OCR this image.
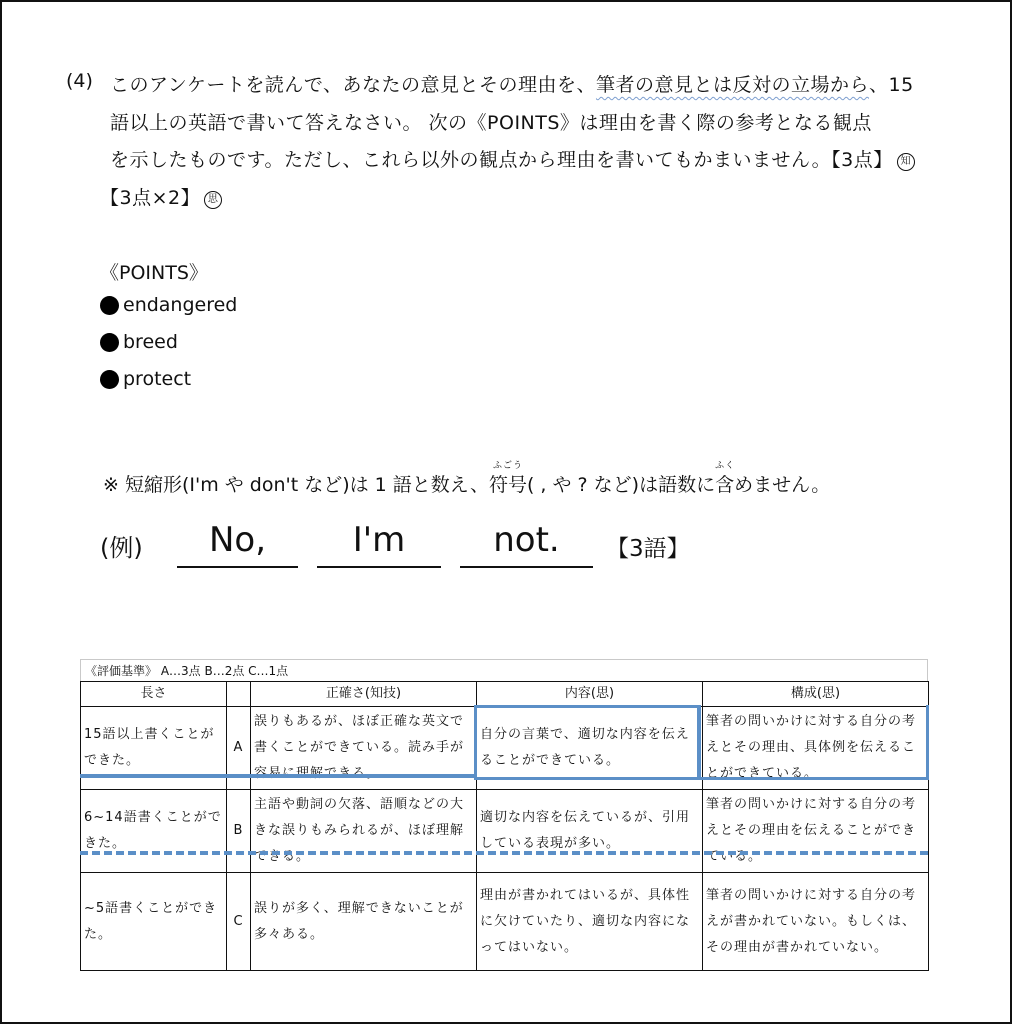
(4) このアンケートを読んで、あなたの意見とその理由を、筆者の意見とは反対の立場から、15
語以上の英語で書いて答えなさい。 次の《POINTS》は理由を書く際の参考となる観点
を示したものです。ただし、これら以外の観点から理由を書いてもかまいません。【3点】 知
【3点×2】 思
《POINTS》
endangered
breed
protect
※ 短縮形(I'm や don't など)は 1 語と数え、
ふごう
符号( , や ? など)は語数に
ふく
含めません。
(例)	No,	I'm	not.	【3語】
《評価基準》 A…3点 B…2点 C…1点
長さ		正確さ(知技)	内容(思)	構成(思)
15語以上書くことができた。	A	誤りもあるが、ほぼ正確な英文で書くことができている。読み手が容易に理解できる。	自分の言葉で、適切な内容を伝えることができている。	筆者の問いかけに対する自分の考えとその理由、具体例を伝えることができている。
6~14語書くことができた。	B	主語や動詞の欠落、語順などの大きな誤りもみられるが、ほぼ理解できる。	適切な内容を伝えているが、引用している表現が多い。	筆者の問いかけに対する自分の考えとその理由を伝えることができている。
~5語書くことができた。	C	誤りが多く、理解できないことが多々ある。	理由が書かれてはいるが、具体性に欠けていたり、適切な内容になってはいない。	筆者の問いかけに対する自分の考えが書かれていない。もしくは、その理由が書かれていない。
